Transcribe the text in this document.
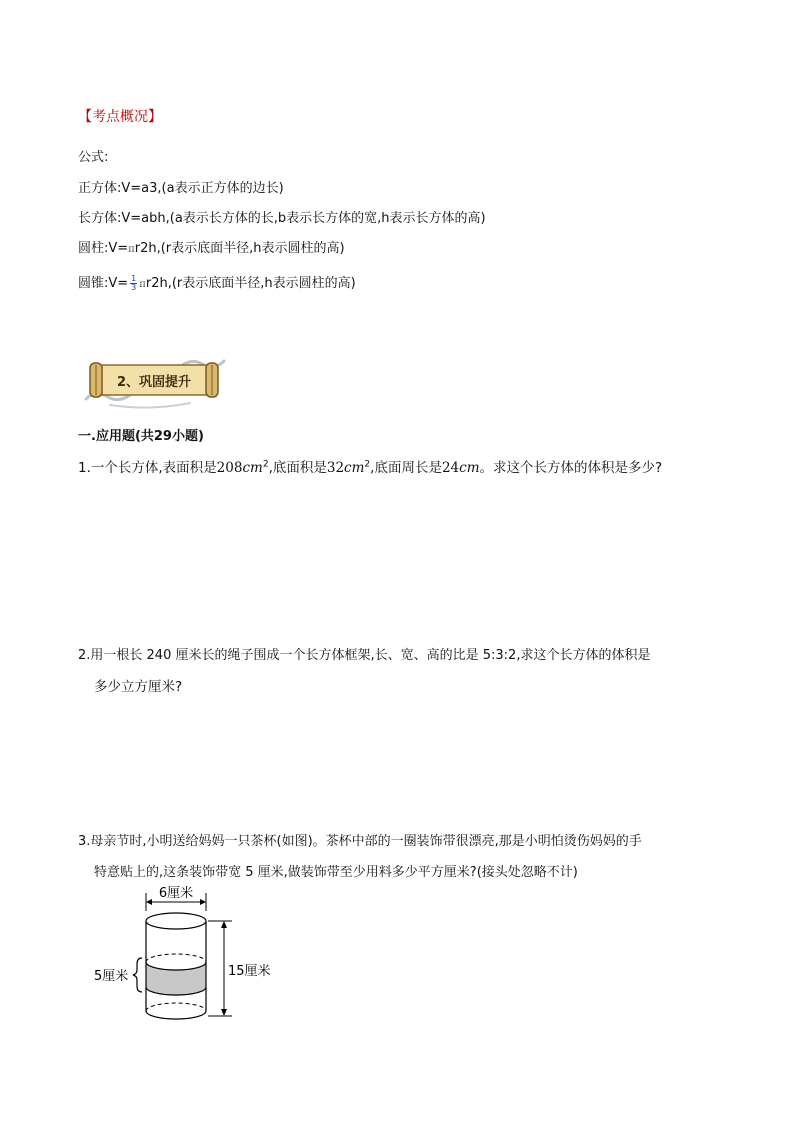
【考点概况】
公式:
正方体:V=a3,(a表示正方体的边长)
长方体:V=abh,(a表示长方体的长,b表示长方体的宽,h表示长方体的高)
圆柱:V=πr2h,(r表示底面半径,h表示圆柱的高)
圆锥:V= $\frac{1}{3} \pi r2h,(r$表示底面半径,h表示圆柱的高)
2、巩固提升
一.应用题(共29小题)
1.一个长方体,表面积是$208cm^2$,底面积是$32cm^2$,底面周长是24cm。求这个长方体的体积是多少?
2.用一根长 240 厘米长的绳子围成一个长方体框架,长、宽、高的比是 5:3:2,求这个长方体的体积是
多少立方厘米?
3.母亲节时,小明送给妈妈一只茶杯(如图)。茶杯中部的一圈装饰带很漂亮,那是小明怕烫伤妈妈的手
特意贴上的,这条装饰带宽 5 厘米,做装饰带至少用料多少平方厘米?(接头处忽略不计)
6厘米
5厘米	15厘米
